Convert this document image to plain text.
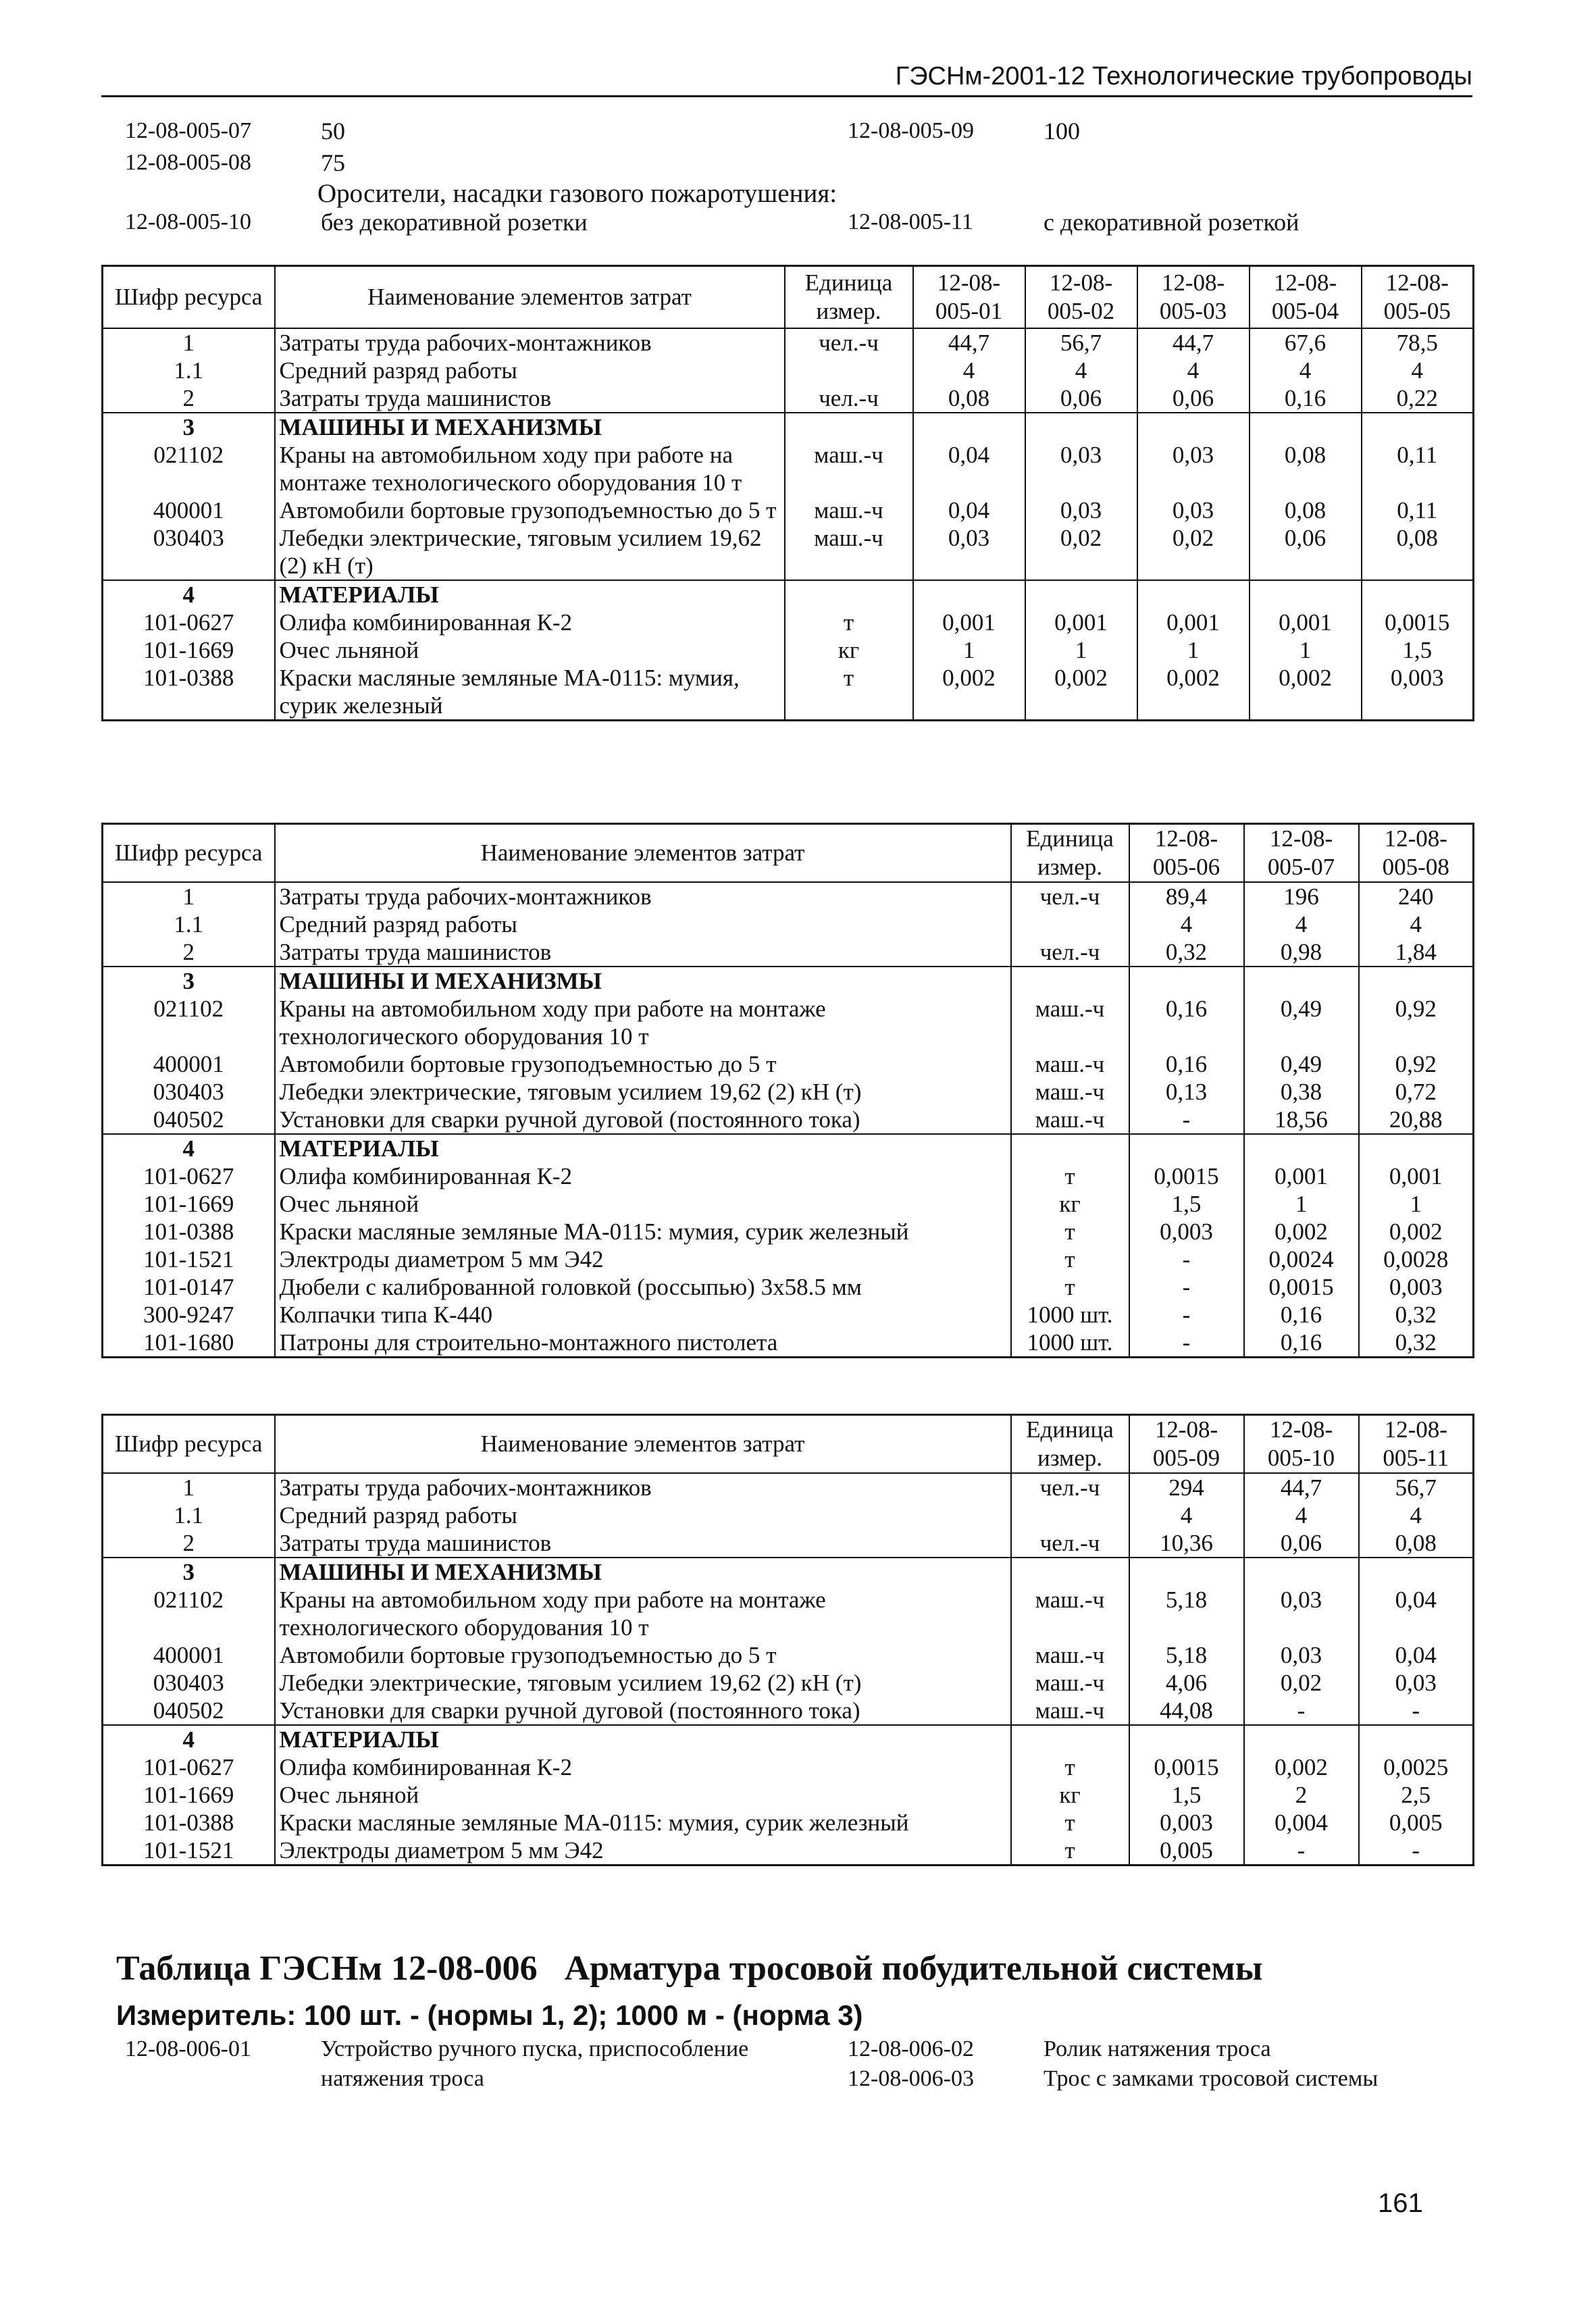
ГЭСНм-2001-12 Технологические трубопроводы
12-08-005-07	50	12-08-005-09	100
12-08-005-08	75
Оросители, насадки газового пожаротушения:
12-08-005-10	без декоративной розетки	12-08-005-11	с декоративной розеткой
Шифр ресурса	Наименование элементов затрат	Единица измер.	12-08-005-01	12-08-005-02	12-08-005-03	12-08-005-04	12-08-005-05
1	Затраты труда рабочих-монтажников	чел.-ч	44,7	56,7	44,7	67,6	78,5
1.1	Средний разряд работы		4	4	4	4	4
2	Затраты труда машинистов	чел.-ч	0,08	0,06	0,06	0,16	0,22
3	МАШИНЫ И МЕХАНИЗМЫ						
021102	Краны на автомобильном ходу при работе на монтаже технологического оборудования 10 т	маш.-ч	0,04	0,03	0,03	0,08	0,11
400001	Автомобили бортовые грузоподъемностью до 5 т	маш.-ч	0,04	0,03	0,03	0,08	0,11
030403	Лебедки электрические, тяговым усилием 19,62 (2) кН (т)	маш.-ч	0,03	0,02	0,02	0,06	0,08
4	МАТЕРИАЛЫ						
101-0627	Олифа комбинированная К-2	т	0,001	0,001	0,001	0,001	0,0015
101-1669	Очес льняной	кг	1	1	1	1	1,5
101-0388	Краски масляные земляные МА-0115: мумия, сурик железный	т	0,002	0,002	0,002	0,002	0,003
Шифр ресурса	Наименование элементов затрат	Единица измер.	12-08-005-06	12-08-005-07	12-08-005-08
1	Затраты труда рабочих-монтажников	чел.-ч	89,4	196	240
1.1	Средний разряд работы		4	4	4
2	Затраты труда машинистов	чел.-ч	0,32	0,98	1,84
3	МАШИНЫ И МЕХАНИЗМЫ				
021102	Краны на автомобильном ходу при работе на монтаже технологического оборудования 10 т	маш.-ч	0,16	0,49	0,92
400001	Автомобили бортовые грузоподъемностью до 5 т	маш.-ч	0,16	0,49	0,92
030403	Лебедки электрические, тяговым усилием 19,62 (2) кН (т)	маш.-ч	0,13	0,38	0,72
040502	Установки для сварки ручной дуговой (постоянного тока)	маш.-ч	-	18,56	20,88
4	МАТЕРИАЛЫ				
101-0627	Олифа комбинированная К-2	т	0,0015	0,001	0,001
101-1669	Очес льняной	кг	1,5	1	1
101-0388	Краски масляные земляные МА-0115: мумия, сурик железный	т	0,003	0,002	0,002
101-1521	Электроды диаметром 5 мм Э42	т	-	0,0024	0,0028
101-0147	Дюбели с калиброванной головкой (россыпью) 3х58.5 мм	т	-	0,0015	0,003
300-9247	Колпачки типа К-440	1000 шт.	-	0,16	0,32
101-1680	Патроны для строительно-монтажного пистолета	1000 шт.	-	0,16	0,32
Шифр ресурса	Наименование элементов затрат	Единица измер.	12-08-005-09	12-08-005-10	12-08-005-11
1	Затраты труда рабочих-монтажников	чел.-ч	294	44,7	56,7
1.1	Средний разряд работы		4	4	4
2	Затраты труда машинистов	чел.-ч	10,36	0,06	0,08
3	МАШИНЫ И МЕХАНИЗМЫ				
021102	Краны на автомобильном ходу при работе на монтаже технологического оборудования 10 т	маш.-ч	5,18	0,03	0,04
400001	Автомобили бортовые грузоподъемностью до 5 т	маш.-ч	5,18	0,03	0,04
030403	Лебедки электрические, тяговым усилием 19,62 (2) кН (т)	маш.-ч	4,06	0,02	0,03
040502	Установки для сварки ручной дуговой (постоянного тока)	маш.-ч	44,08	-	-
4	МАТЕРИАЛЫ				
101-0627	Олифа комбинированная К-2	т	0,0015	0,002	0,0025
101-1669	Очес льняной	кг	1,5	2	2,5
101-0388	Краски масляные земляные МА-0115: мумия, сурик железный	т	0,003	0,004	0,005
101-1521	Электроды диаметром 5 мм Э42	т	0,005	-	-
Таблица ГЭСНм 12-08-006 Арматура тросовой побудительной системы
Измеритель: 100 шт. - (нормы 1, 2); 1000 м - (норма 3)
12-08-006-01	Устройство ручного пуска, приспособление натяжения троса
12-08-006-02	Ролик натяжения троса
12-08-006-03	Трос с замками тросовой системы
161
